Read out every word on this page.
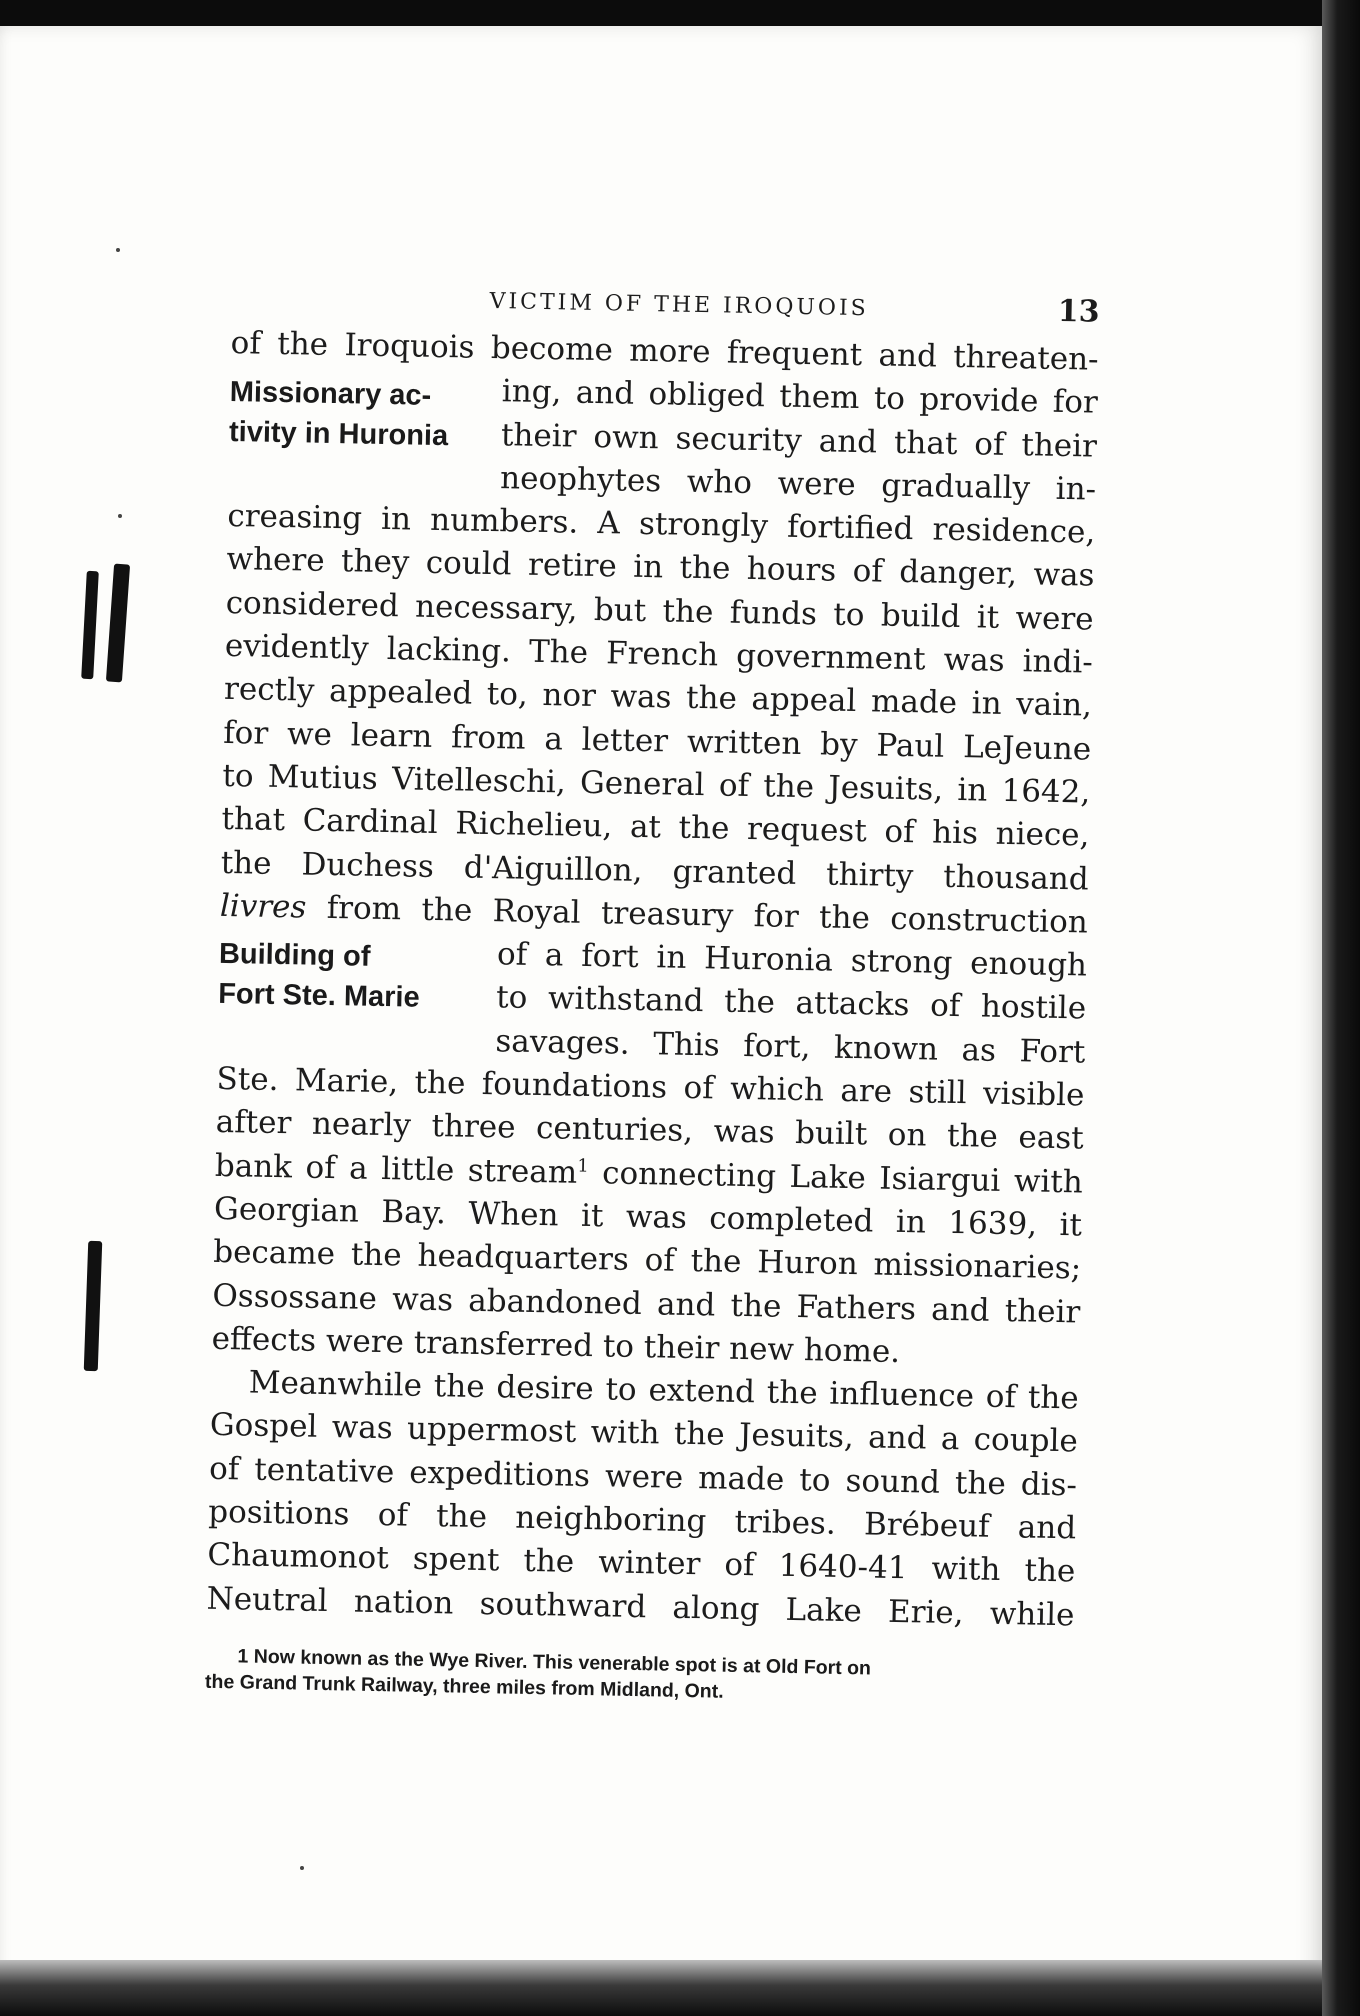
VICTIM OF THE IROQUOIS	13
Missionary ac-
tivity in Huronia
Building of
Fort Ste. Marie
of the Iroquois become more frequent and threaten-
ing, and obliged them to provide for
their own security and that of their
neophytes who were gradually in-
creasing in numbers. A strongly fortified residence,
where they could retire in the hours of danger, was
considered necessary, but the funds to build it were
evidently lacking. The French government was indi-
rectly appealed to, nor was the appeal made in vain,
for we learn from a letter written by Paul LeJeune
to Mutius Vitelleschi, General of the Jesuits, in 1642,
that Cardinal Richelieu, at the request of his niece,
the Duchess d'Aiguillon, granted thirty thousand
livres from the Royal treasury for the construction
of a fort in Huronia strong enough
to withstand the attacks of hostile
savages. This fort, known as Fort
Ste. Marie, the foundations of which are still visible
after nearly three centuries, was built on the east
bank of a little stream$^1$ connecting Lake Isiargui with
Georgian Bay. When it was completed in 1639, it
became the headquarters of the Huron missionaries;
Ossossane was abandoned and the Fathers and their
effects were transferred to their new home.
Meanwhile the desire to extend the influence of the
Gospel was uppermost with the Jesuits, and a couple
of tentative expeditions were made to sound the dis-
positions of the neighboring tribes. Brébeuf and
Chaumonot spent the winter of 1640-41 with the
Neutral nation southward along Lake Erie, while
1 Now known as the Wye River. This venerable spot is at Old Fort on
the Grand Trunk Railway, three miles from Midland, Ont.
